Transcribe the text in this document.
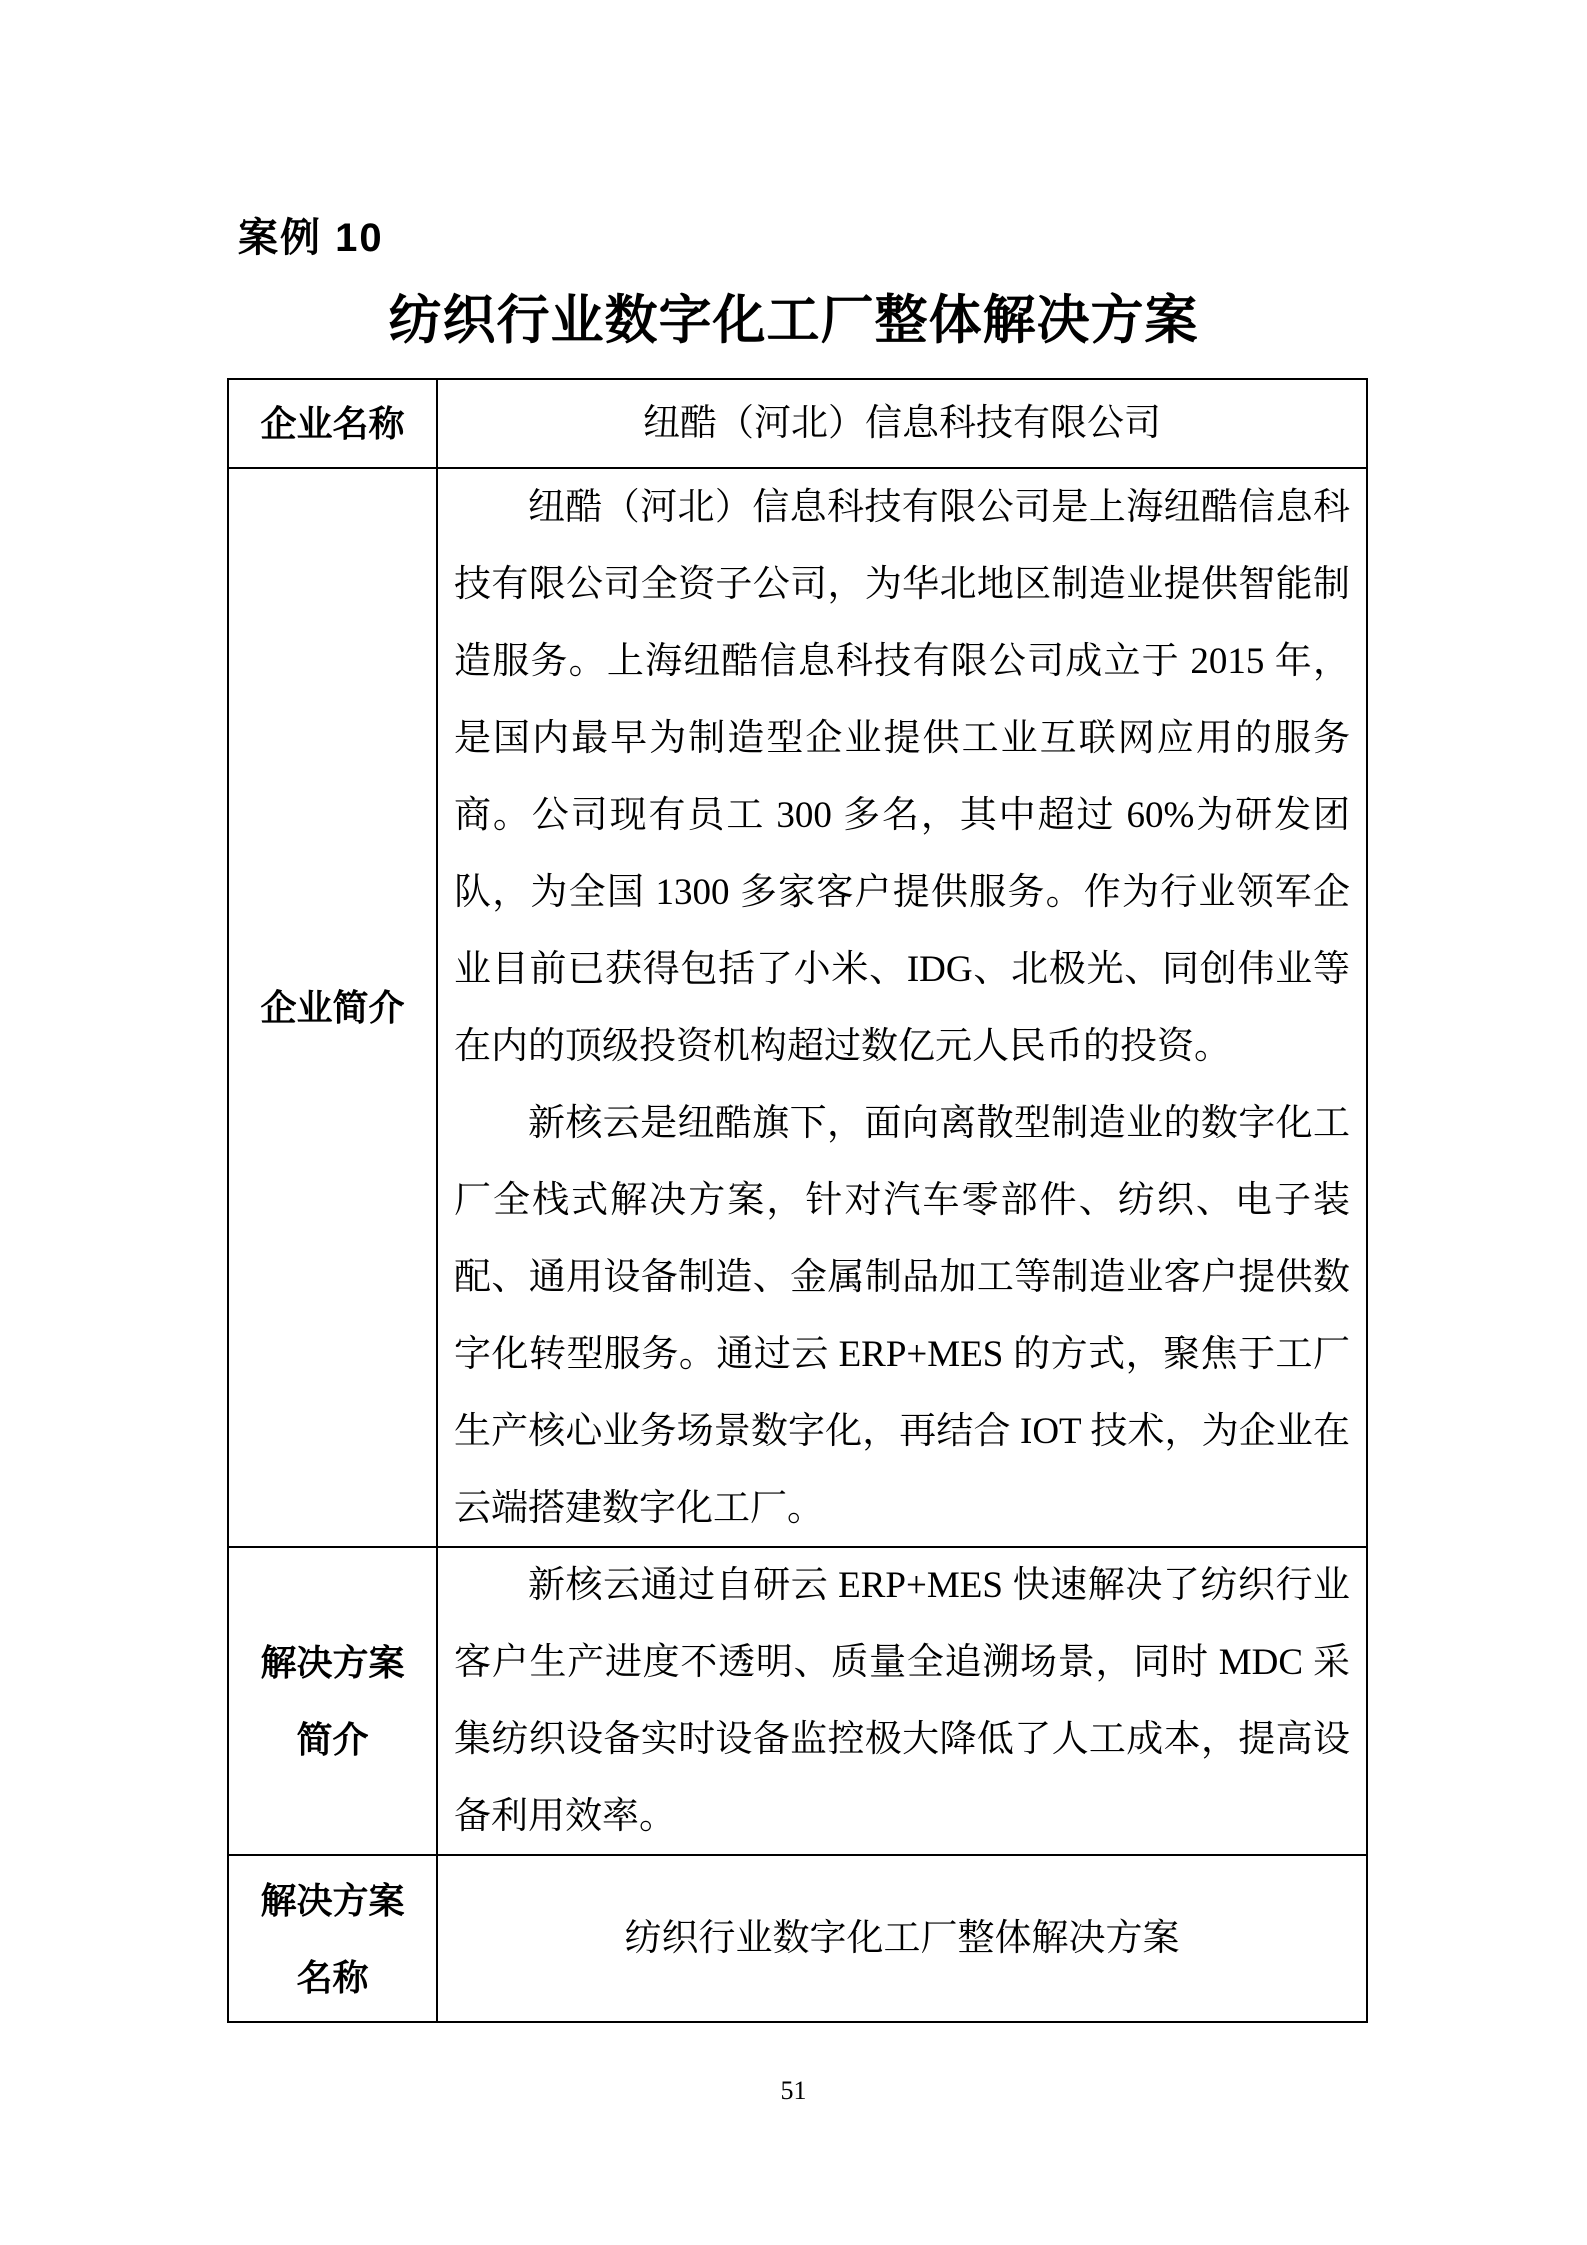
案例 10
纺织行业数字化工厂整体解决方案
企业名称	纽酷（河北）信息科技有限公司
企业简介	纽酷（河北）信息科技有限公司是上海纽酷信息科技有限公司全资子公司，为华北地区制造业提供智能制造服务。上海纽酷信息科技有限公司成立于 2015 年，是国内最早为制造型企业提供工业互联网应用的服务商。公司现有员工 300 多名，其中超过 60%为研发团队，为全国 1300 多家客户提供服务。作为行业领军企业目前已获得包括了小米、IDG、北极光、同创伟业等在内的顶级投资机构超过数亿元人民币的投资。

新核云是纽酷旗下，面向离散型制造业的数字化工厂全栈式解决方案，针对汽车零部件、纺织、电子装配、通用设备制造、金属制品加工等制造业客户提供数字化转型服务。通过云 ERP+MES 的方式，聚焦于工厂生产核心业务场景数字化，再结合 IOT 技术，为企业在云端搭建数字化工厂。

解决方案
简介	新核云通过自研云 ERP+MES 快速解决了纺织行业客户生产进度不透明、质量全追溯场景，同时 MDC 采集纺织设备实时设备监控极大降低了人工成本，提高设备利用效率。

解决方案
名称	纺织行业数字化工厂整体解决方案
51
